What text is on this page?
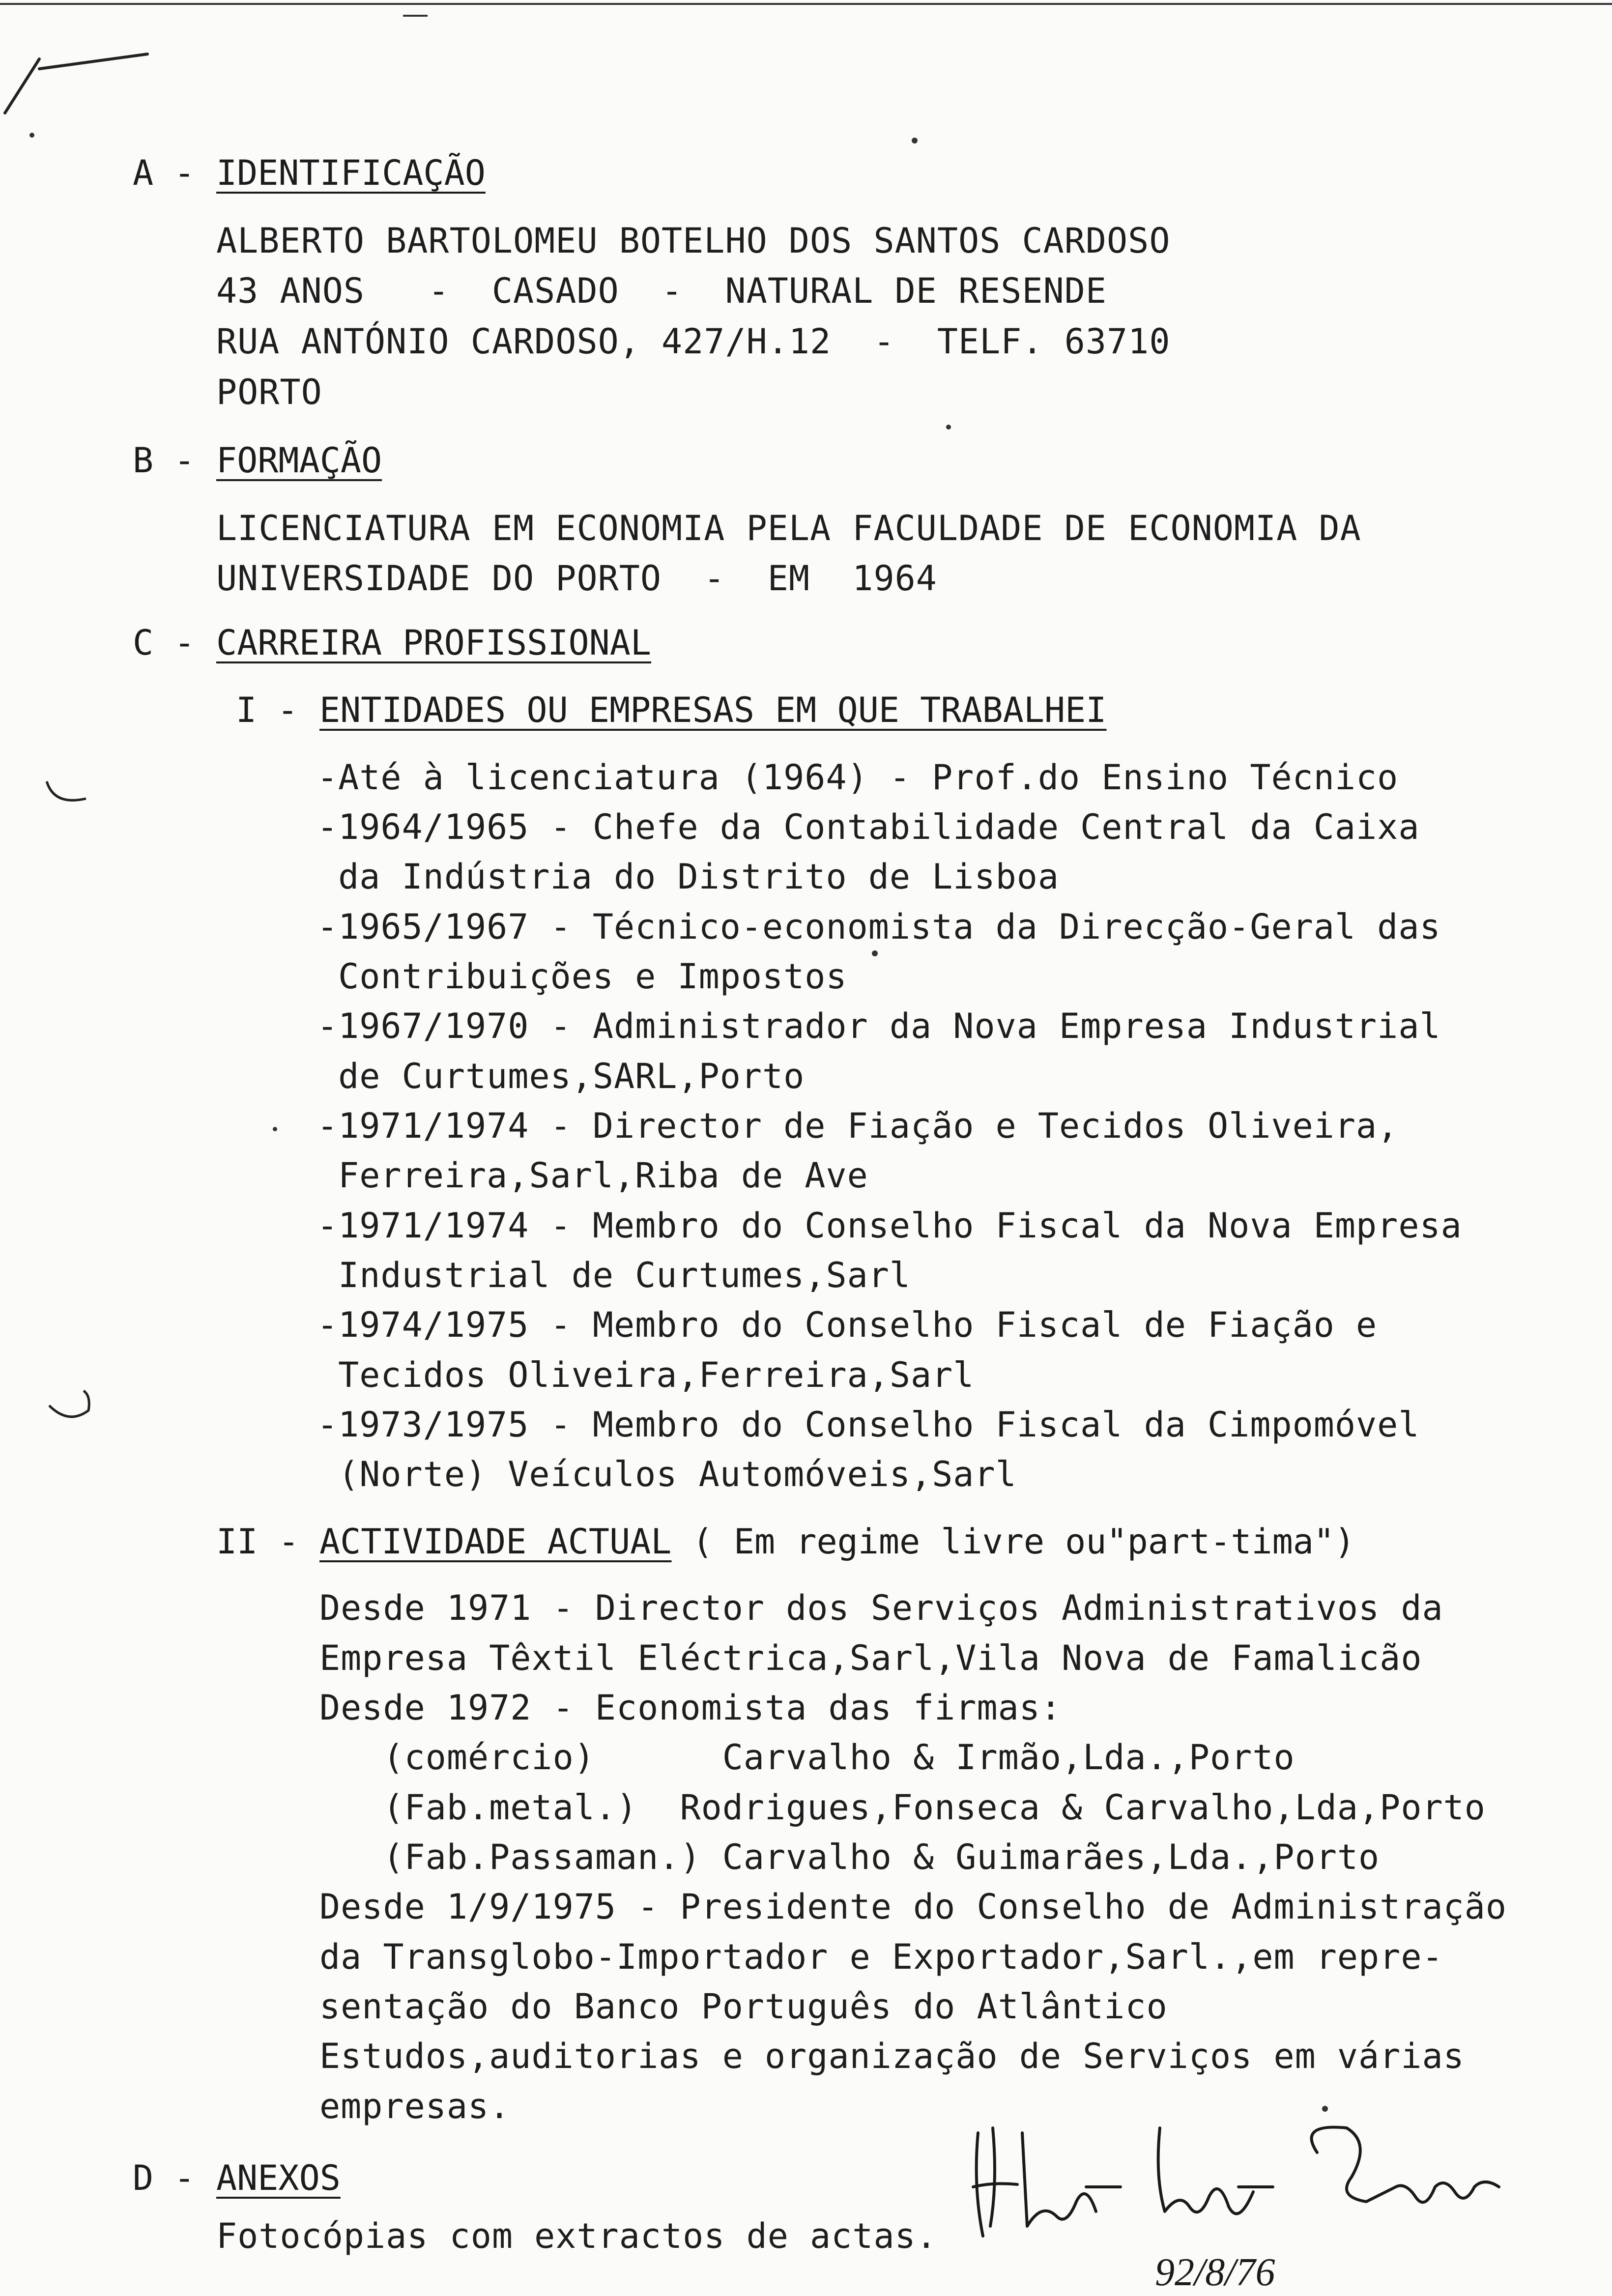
A - IDENTIFICAÇÃO
ALBERTO BARTOLOMEU BOTELHO DOS SANTOS CARDOSO
43 ANOS   -  CASADO  -  NATURAL DE RESENDE
RUA ANTÓNIO CARDOSO, 427/H.12  -  TELF. 63710
PORTO
B - FORMAÇÃO
LICENCIATURA EM ECONOMIA PELA FACULDADE DE ECONOMIA DA
UNIVERSIDADE DO PORTO  -  EM  1964
C - CARREIRA PROFISSIONAL
I - ENTIDADES OU EMPRESAS EM QUE TRABALHEI
-Até à licenciatura (1964) - Prof.do Ensino Técnico
-1964/1965 - Chefe da Contabilidade Central da Caixa
da Indústria do Distrito de Lisboa
-1965/1967 - Técnico-economista da Direcção-Geral das
Contribuições e Impostos
-1967/1970 - Administrador da Nova Empresa Industrial
de Curtumes,SARL,Porto
-1971/1974 - Director de Fiação e Tecidos Oliveira,
Ferreira,Sarl,Riba de Ave
-1971/1974 - Membro do Conselho Fiscal da Nova Empresa
Industrial de Curtumes,Sarl
-1974/1975 - Membro do Conselho Fiscal de Fiação e
Tecidos Oliveira,Ferreira,Sarl
-1973/1975 - Membro do Conselho Fiscal da Cimpomóvel
(Norte) Veículos Automóveis,Sarl
II - ACTIVIDADE ACTUAL ( Em regime livre ou"part-tima")
Desde 1971 - Director dos Serviços Administrativos da
Empresa Têxtil Eléctrica,Sarl,Vila Nova de Famalicão
Desde 1972 - Economista das firmas:
(comércio)      Carvalho & Irmão,Lda.,Porto
(Fab.metal.)  Rodrigues,Fonseca & Carvalho,Lda,Porto
(Fab.Passaman.) Carvalho & Guimarães,Lda.,Porto
Desde 1/9/1975 - Presidente do Conselho de Administração
da Transglobo-Importador e Exportador,Sarl.,em repre-
sentação do Banco Português do Atlântico
Estudos,auditorias e organização de Serviços em várias
empresas.
D - ANEXOS
Fotocópias com extractos de actas.
92/8/76
